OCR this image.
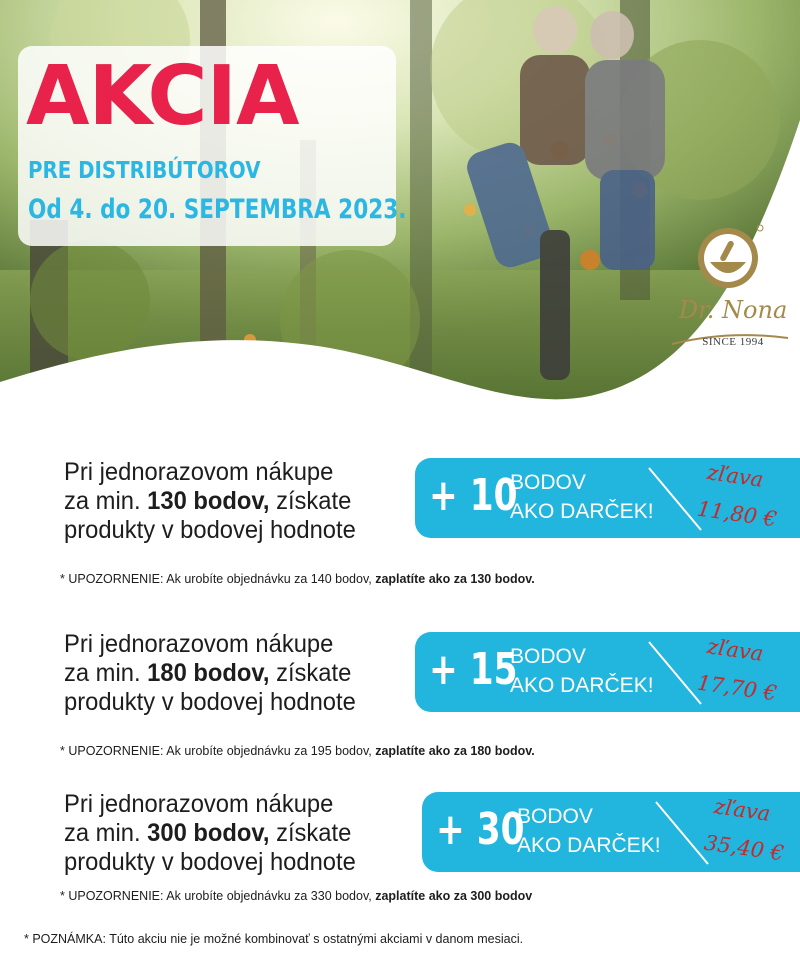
AKCIA
PRE DISTRIBÚTOROV
Od 4. do 20. SEPTEMBRA 2023.
Dr. Nona
SINCE 1994
Pri jednorazovom nákupe
za min. 130 bodov, získate
produkty v bodovej hodnote
+ 10
BODOV
AKO DARČEK!
zľava
11,80 €
* UPOZORNENIE: Ak urobíte objednávku za 140 bodov, zaplatíte ako za 130 bodov.
Pri jednorazovom nákupe
za min. 180 bodov, získate
produkty v bodovej hodnote
+ 15
BODOV
AKO DARČEK!
zľava
17,70 €
* UPOZORNENIE: Ak urobíte objednávku za 195 bodov, zaplatíte ako za 180 bodov.
Pri jednorazovom nákupe
za min. 300 bodov, získate
produkty v bodovej hodnote
+ 30
BODOV
AKO DARČEK!
zľava
35,40 €
* UPOZORNENIE: Ak urobíte objednávku za 330 bodov, zaplatíte ako za 300 bodov
* POZNÁMKA: Túto akciu nie je možné kombinovať s ostatnými akciami v danom mesiaci.
